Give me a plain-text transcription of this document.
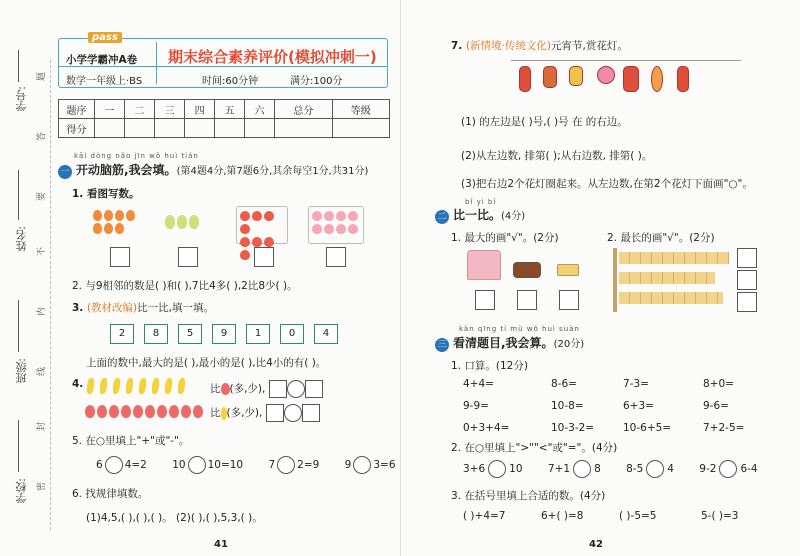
学号:
姓名:
班级:
学校:
题
答
要
不
内
线
封
密
pass
小学学霸冲A卷 期末综合素养评价(模拟冲刺一)
数学一年级上·BS	时间:60分钟	满分:100分
题序	一	二	三	四	五	六	总分	等级
得分								
kāi dòng nǎo jīn wǒ huì tián
一 开动脑筋,我会填。(第4题4分,第7题6分,其余每空1分,共31分)
1. 看图写数。

2. 与9相邻的数是( )和( ),7比4多( ),2比8少( )。
3. (教材改编)比一比,填一填。
2	8	5	9	1	0	4
上面的数中,最大的是( ),最小的是( ),比4小的有( )。
4.	比 (多,少),
比 (多,少),
5. 在○里填上"+"或"-"。
6 4=2 10 10=10 7 2=9 9 3=6
6. 找规律填数。
(1)4,5,( ),( ),( )。 (2)( ),( ),5,3,( )。
41
7. (新情境·传统文化)元宵节,赏花灯。
(1) 的左边是( )号,( )号 在 的右边。
(2)从左边数, 排第( );从右边数, 排第( )。
(3)把右边2个花灯圈起来。从左边数,在第2个花灯下面画"○"。
bǐ yi bǐ
二 比一比。(4分)
1. 最大的画"√"。(2分)	2. 最长的画"√"。(2分)
kàn qīng tí mù wǒ huì suàn
三 看清题目,我会算。(20分)
1. 口算。(12分)
4+4=	8-6=	7-3=	8+0=
9-9=	10-8=	6+3=	9-6=
0+3+4=	10-3-2=	10-6+5=	7+2-5=
2. 在○里填上">""<"或"="。(4分)
3+6 10 7+1 8 8-5 4 9-2 6-4
3. 在括号里填上合适的数。(4分)
( )+4=7	6+( )=8	( )-5=5	5-( )=3
42
